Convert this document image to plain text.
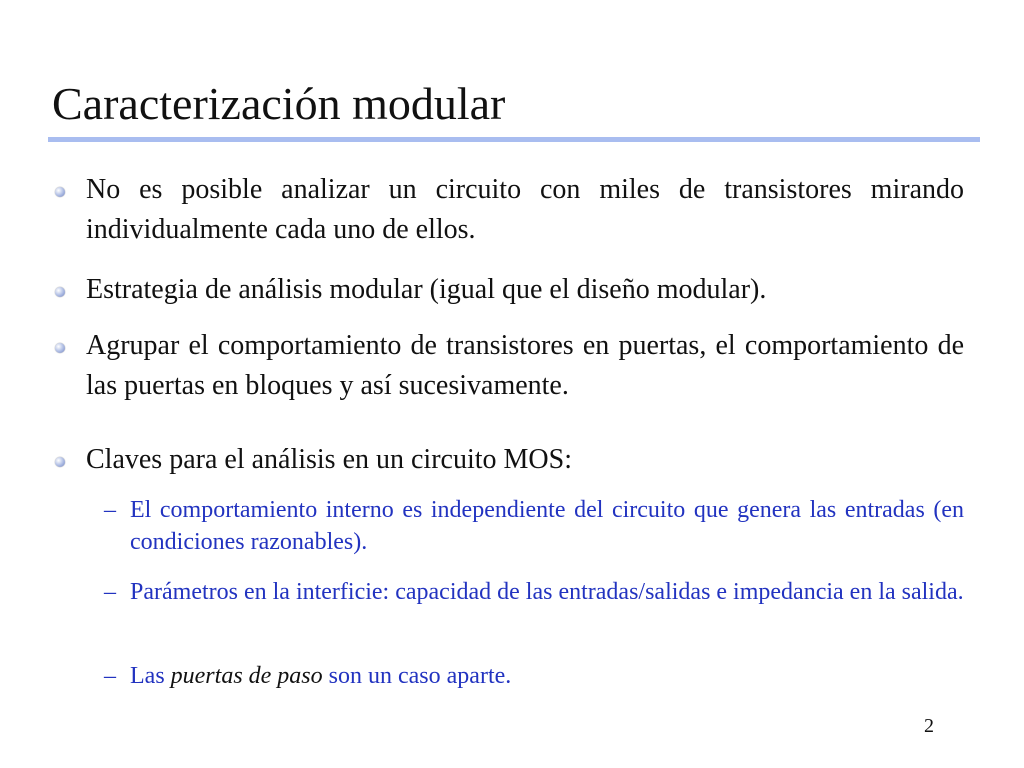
Caracterización modular
No es posible analizar un circuito con miles de transistores mirando individualmente cada uno de ellos.
Estrategia de análisis modular (igual que el diseño modular).
Agrupar el comportamiento de transistores en puertas, el comportamiento de las puertas en bloques y así sucesivamente.
Claves para el análisis en un circuito MOS:
– El comportamiento interno es independiente del circuito que genera las entradas (en condiciones razonables).
– Parámetros en la interficie: capacidad de las entradas/salidas e impedancia en la salida.
– Las puertas de paso son un caso aparte.
2
